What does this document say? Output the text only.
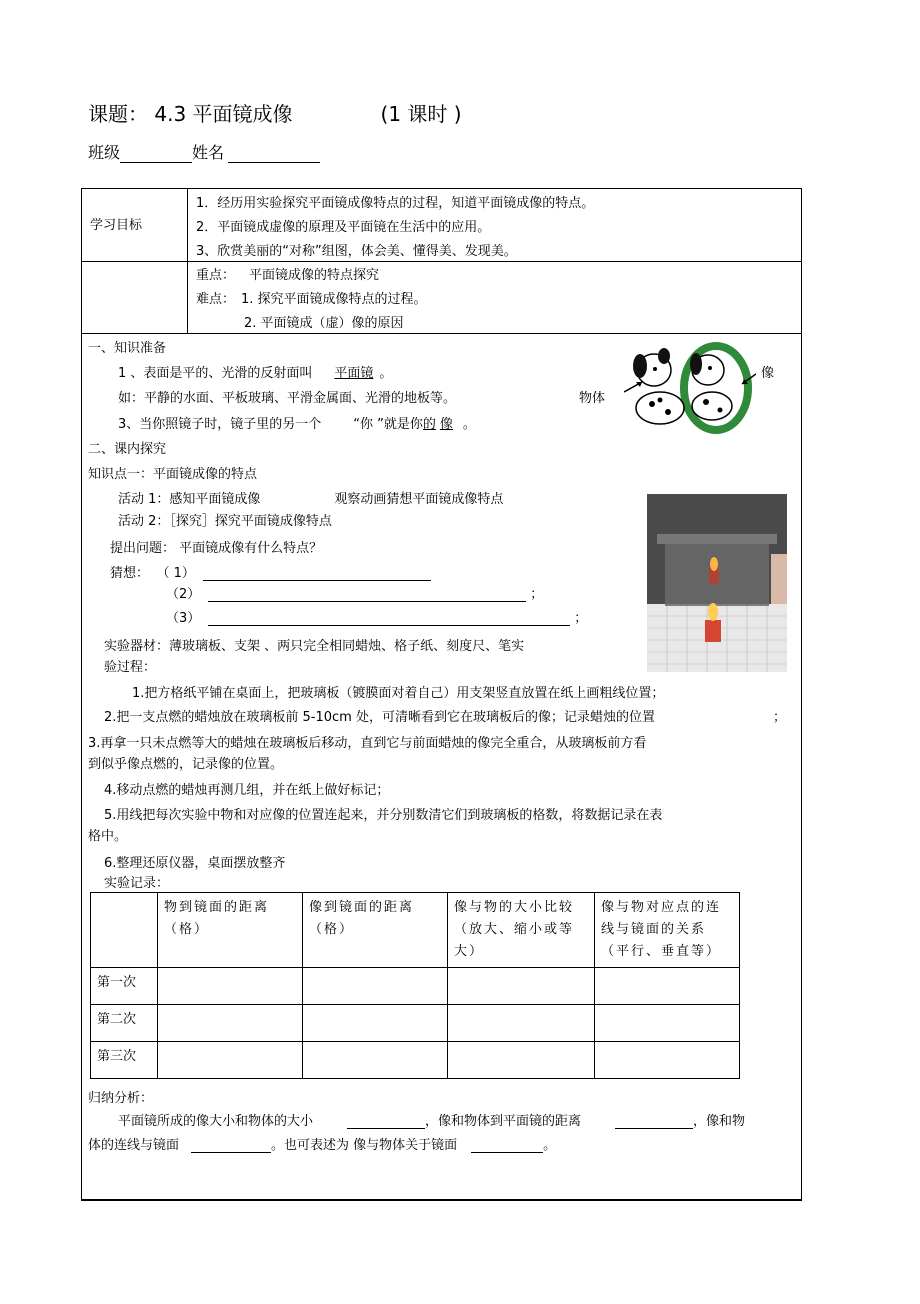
课题： 4.3 平面镜成像	(1 课时 )
班级	姓名
学习目标
1．经历用实验探究平面镜成像特点的过程，知道平面镜成像的特点。
2．平面镜成虚像的原理及平面镜在生活中的应用。
3、欣赏美丽的“对称”组图，体会美、懂得美、发现美。
重点： 平面镜成像的特点探究
难点： 1. 探究平面镜成像特点的过程。
2. 平面镜成（虚）像的原因
一、知识准备
1 、表面是平的、光滑的反射面叫 平面镜 。
如：平静的水面、平板玻璃、平滑金属面、光滑的地板等。
3、当你照镜子时，镜子里的另一个 “你 ”就是你的 像 。
物体
像
二、课内探究
知识点一：平面镜成像的特点
活动 1：感知平面镜成像	观察动画猜想平面镜成像特点
活动 2：［探究］探究平面镜成像特点
提出问题： 平面镜成像有什么特点？
猜想： （ 1）
（2）	；
（3）	；
实验器材：薄玻璃板、支架 、两只完全相同蜡烛、格子纸、刻度尺、笔实
验过程：
1.把方格纸平铺在桌面上，把玻璃板（镀膜面对着自己）用支架竖直放置在纸上画粗线位置；
2.把一支点燃的蜡烛放在玻璃板前 5-10cm 处，可清晰看到它在玻璃板后的像；记录蜡烛的位置	；
3.再拿一只未点燃等大的蜡烛在玻璃板后移动，直到它与前面蜡烛的像完全重合，从玻璃板前方看
到似乎像点燃的，记录像的位置。
4.移动点燃的蜡烛再测几组，并在纸上做好标记；
5.用线把每次实验中物和对应像的位置连起来，并分别数清它们到玻璃板的格数，将数据记录在表
格中。
6.整理还原仪器，桌面摆放整齐
实验记录：
	物到镜面的距离（格）	像到镜面的距离（格）	像与物的大小比较（放大、缩小或等大）	像与物对应点的连线与镜面的关系（平行、垂直等）
第一次				
第二次				
第三次				
归纳分析：
平面镜所成的像大小和物体的大小	，像和物体到平面镜的距离	，像和物
体的连线与镜面	。也可表述为 像与物体关于镜面	。
